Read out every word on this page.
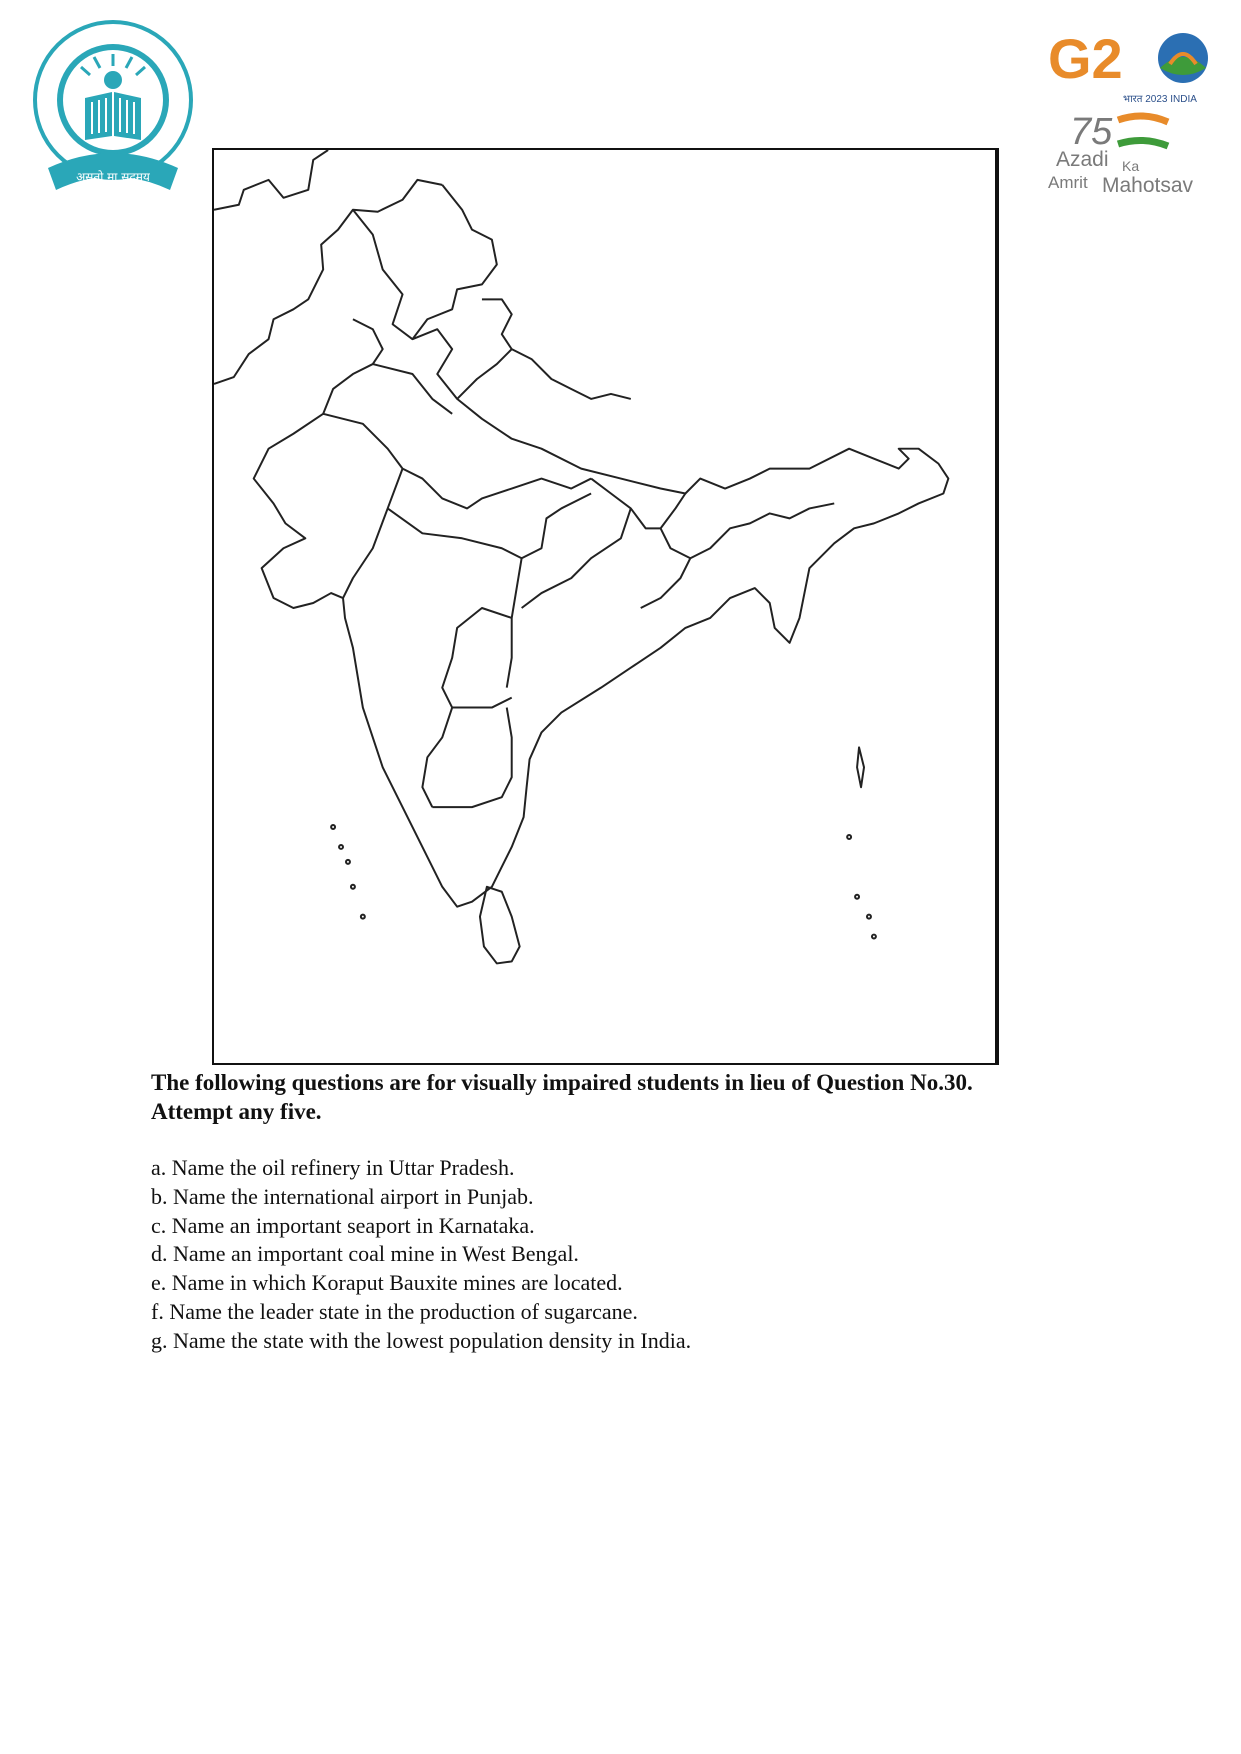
असतो मा सद्गमय
G2
भारत 2023 INDIA
75
Azadi Ka
Amrit Mahotsav

The following questions are for visually impaired students in lieu of Question No.30.
Attempt any five.

a. Name the oil refinery in Uttar Pradesh.
b. Name the international airport in Punjab.
c. Name an important seaport in Karnataka.
d. Name an important coal mine in West Bengal.
e. Name in which Koraput Bauxite mines are located.
f. Name the leader state in the production of sugarcane.
g. Name the state with the lowest population density in India.
